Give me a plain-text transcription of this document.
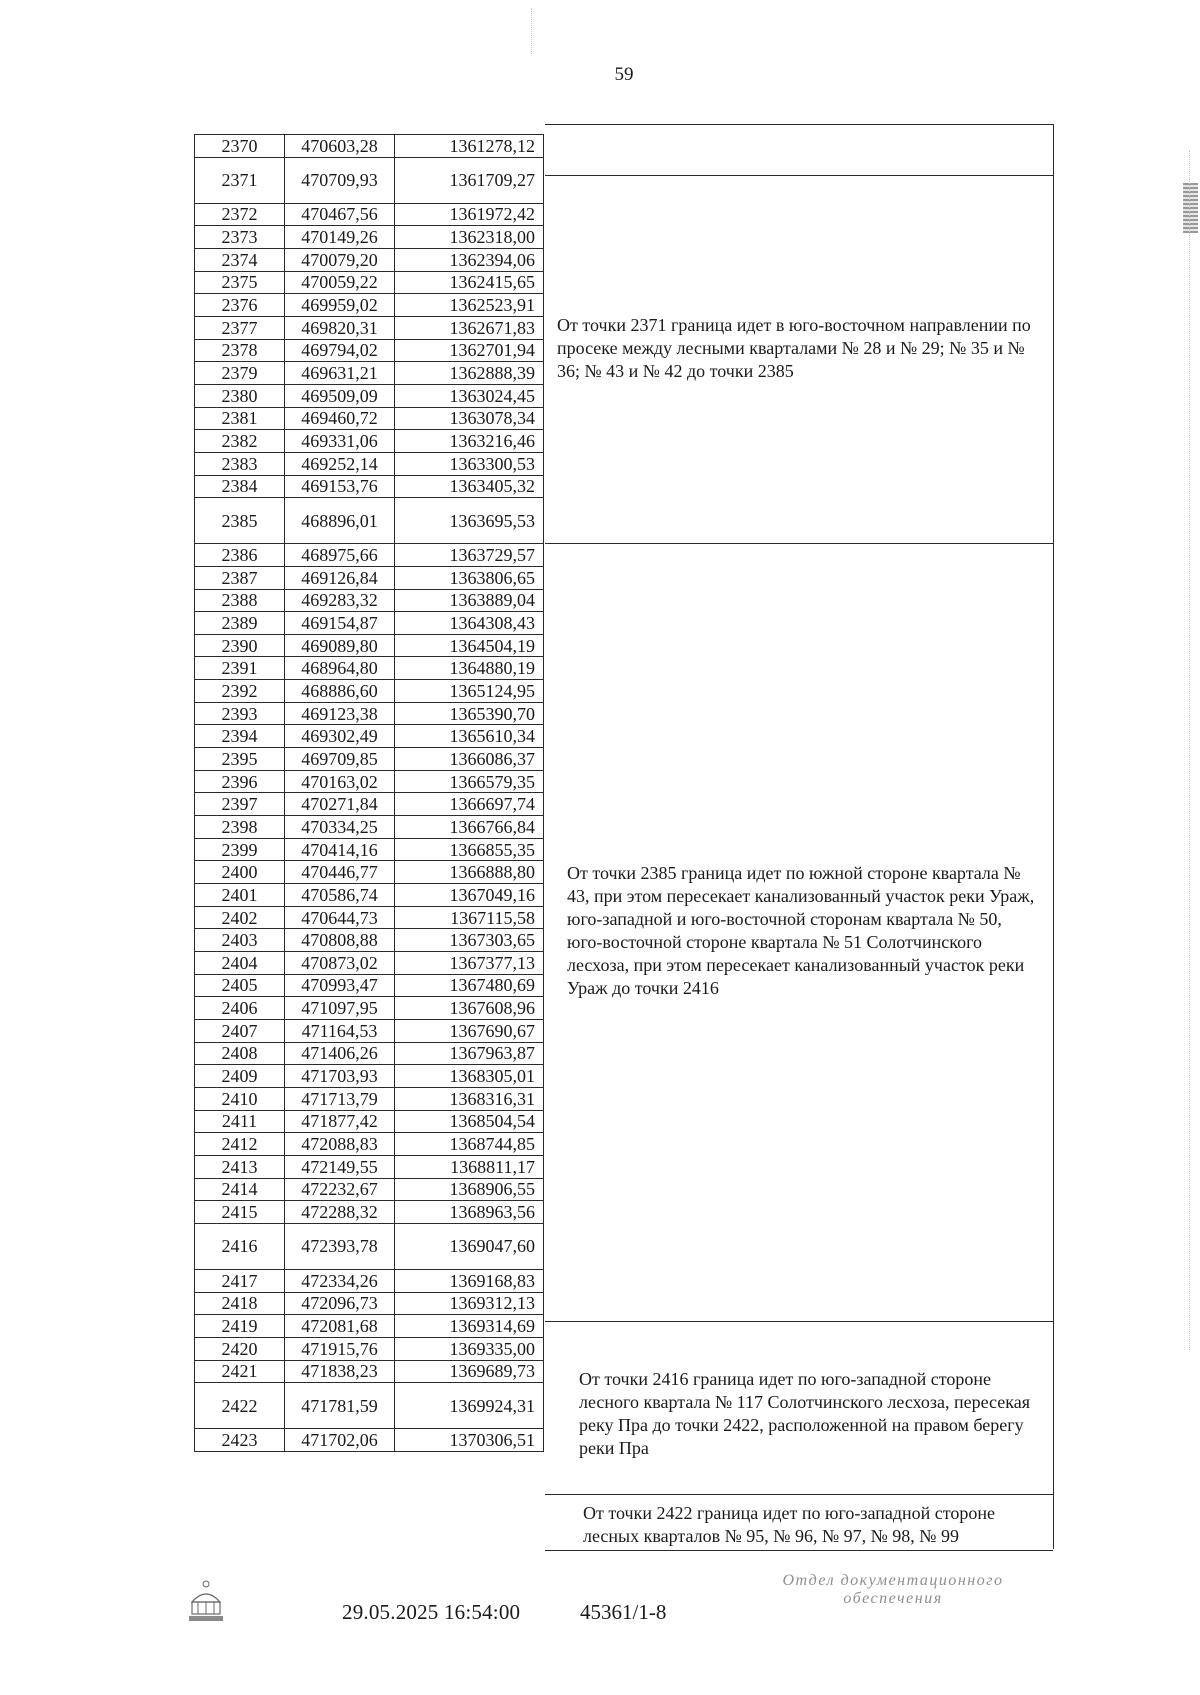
59
2370	470603,28	1361278,12
2371	470709,93	1361709,27
2372	470467,56	1361972,42
2373	470149,26	1362318,00
2374	470079,20	1362394,06
2375	470059,22	1362415,65
2376	469959,02	1362523,91
2377	469820,31	1362671,83
2378	469794,02	1362701,94
2379	469631,21	1362888,39
2380	469509,09	1363024,45
2381	469460,72	1363078,34
2382	469331,06	1363216,46
2383	469252,14	1363300,53
2384	469153,76	1363405,32
2385	468896,01	1363695,53
2386	468975,66	1363729,57
2387	469126,84	1363806,65
2388	469283,32	1363889,04
2389	469154,87	1364308,43
2390	469089,80	1364504,19
2391	468964,80	1364880,19
2392	468886,60	1365124,95
2393	469123,38	1365390,70
2394	469302,49	1365610,34
2395	469709,85	1366086,37
2396	470163,02	1366579,35
2397	470271,84	1366697,74
2398	470334,25	1366766,84
2399	470414,16	1366855,35
2400	470446,77	1366888,80
2401	470586,74	1367049,16
2402	470644,73	1367115,58
2403	470808,88	1367303,65
2404	470873,02	1367377,13
2405	470993,47	1367480,69
2406	471097,95	1367608,96
2407	471164,53	1367690,67
2408	471406,26	1367963,87
2409	471703,93	1368305,01
2410	471713,79	1368316,31
2411	471877,42	1368504,54
2412	472088,83	1368744,85
2413	472149,55	1368811,17
2414	472232,67	1368906,55
2415	472288,32	1368963,56
2416	472393,78	1369047,60
2417	472334,26	1369168,83
2418	472096,73	1369312,13
2419	472081,68	1369314,69
2420	471915,76	1369335,00
2421	471838,23	1369689,73
2422	471781,59	1369924,31
2423	471702,06	1370306,51
От точки 2371 граница идет в юго-восточном направлении по просеке между лесными кварталами № 28 и № 29; № 35 и № 36; № 43 и № 42 до точки 2385
От точки 2385 граница идет по южной стороне квартала № 43, при этом пересекает канализованный участок реки Ураж, юго-западной и юго-восточной сторонам квартала № 50, юго-восточной стороне квартала № 51 Солотчинского лесхоза, при этом пересекает канализованный участок реки Ураж до точки 2416
От точки 2416 граница идет по юго-западной стороне лесного квартала № 117 Солотчинского лесхоза, пересекая реку Пра до точки 2422, расположенной на правом берегу реки Пра
От точки 2422 граница идет по юго-западной стороне лесных кварталов № 95, № 96, № 97, № 98, № 99
29.05.2025 16:54:00	45361/1-8
Отдел документационного обеспечения
